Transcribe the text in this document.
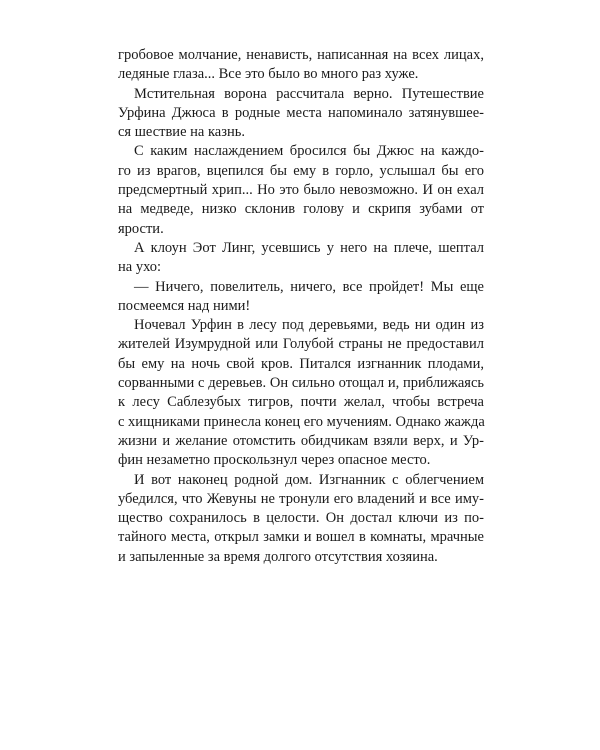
гробовое молчание, ненависть, написанная на всех лицах,
ледяные глаза... Все это было во много раз хуже.

Мстительная ворона рассчитала верно. Путешествие
Урфина Джюса в родные места напоминало затянувшее-
ся шествие на казнь.

С каким наслаждением бросился бы Джюс на каждо-
го из врагов, вцепился бы ему в горло, услышал бы его
предсмертный хрип... Но это было невозможно. И он ехал
на медведе, низко склонив голову и скрипя зубами от
ярости.

А клоун Эот Линг, усевшись у него на плече, шептал
на ухо:

— Ничего, повелитель, ничего, все пройдет! Мы еще
посмеемся над ними!

Ночевал Урфин в лесу под деревьями, ведь ни один из
жителей Изумрудной или Голубой страны не предоставил
бы ему на ночь свой кров. Питался изгнанник плодами,
сорванными с деревьев. Он сильно отощал и, приближаясь
к лесу Саблезубых тигров, почти желал, чтобы встреча
с хищниками принесла конец его мучениям. Однако жажда
жизни и желание отомстить обидчикам взяли верх, и Ур-
фин незаметно проскользнул через опасное место.

И вот наконец родной дом. Изгнанник с облегчением
убедился, что Жевуны не тронули его владений и все иму-
щество сохранилось в целости. Он достал ключи из по-
тайного места, открыл замки и вошел в комнаты, мрачные
и запыленные за время долгого отсутствия хозяина.
